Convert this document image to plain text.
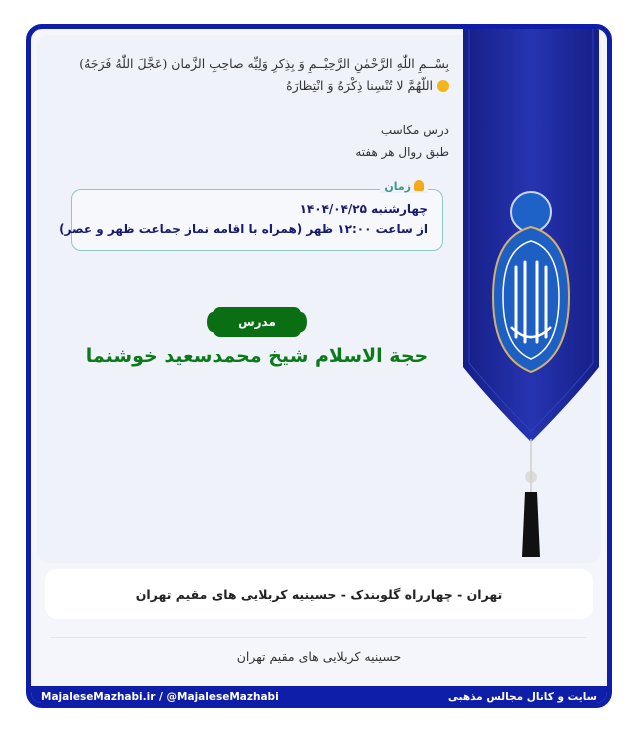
بِسْــمِ اللّٰهِ الرَّحْمٰنِ الرَّحِیْــمِ وَ بِذِکرِ وَلِیِّه صاحِبِ الزَّمان (عَجَّلَ اللّٰهُ فَرَجَهُ)
اللّهُمَّ لا تُنْسِنا ذِکْرَهُ وَ انْتِظارَهُ
درس مکاسب
طبق روال هر هفته
زمان
چهارشنبه ۱۴۰۴/۰۴/۲۵
از ساعت ۱۲:۰۰ ظهر (همراه با اقامه نماز جماعت ظهر و عصر)
مدرس
حجة الاسلام شیخ محمدسعید خوشنما
تهران - چهارراه گلوبندک - حسینیه کربلایی های مقیم تهران
حسینیه کربلایی های مقیم تهران
MajaleseMazhabi.ir / @MajaleseMazhabi	سایت و کانال مجالس مذهبی
